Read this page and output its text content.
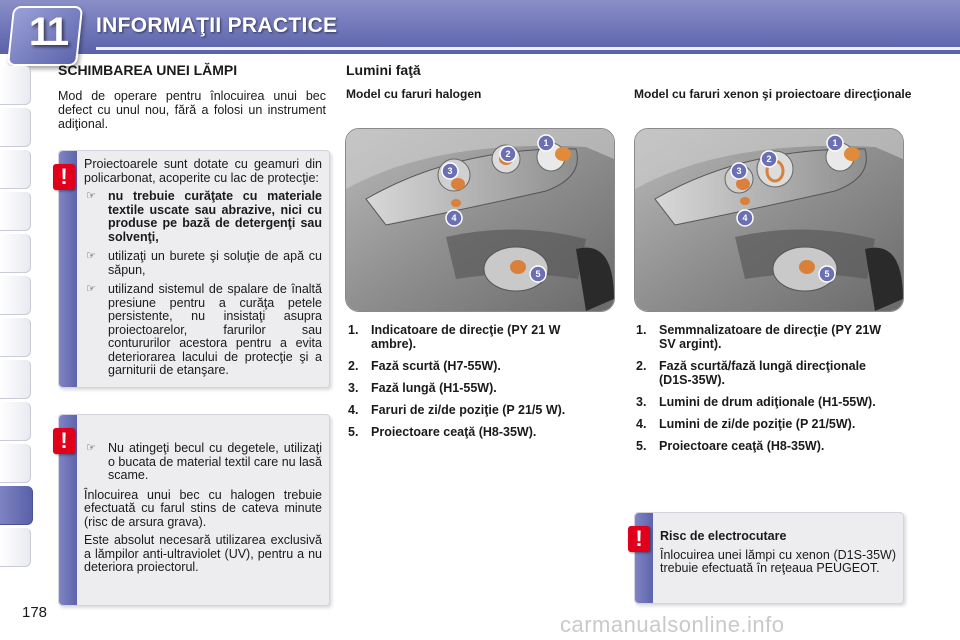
11	INFORMAŢII PRACTICE
178
SCHIMBAREA UNEI LĂMPI
Mod de operare pentru înlocuirea unui bec defect cu unul nou, fără a folosi un instrument adiţional.
!	Proiectoarele sunt dotate cu geamuri din policarbonat, acoperite cu lac de protecţie:

☞ nu trebuie curăţate cu materiale textile uscate sau abrazive, nici cu produse pe bază de detergenţi sau solvenţi,
☞ utilizaţi un burete şi soluţie de apă cu săpun,
☞ utilizand sistemul de spalare de înaltă presiune pentru a curăţa petele persistente, nu insistaţi asupra proiectoarelor, farurilor sau contururilor acestora pentru a evita deteriorarea lacului de protecţie şi a garniturii de etanşare.
!	☞ Nu atingeţi becul cu degetele, utilizaţi o bucata de material textil care nu lasă scame.

Înlocuirea unui bec cu halogen trebuie efectuată cu farul stins de cateva minute (risc de arsura grava).

Este absolut necesară utilizarea exclusivă a lămpilor anti-ultraviolet (UV), pentru a nu deteriora proiectorul.

Lumini faţă
Model cu faruri halogen	Model cu faruri xenon şi proiectoare direcţionale
1
2
3
4
5
1
2
3
4
5
1. Indicatoare de direcţie (PY 21 W ambre).
2. Fază scurtă (H7-55W).
3. Fază lungă (H1-55W).
4. Faruri de zi/de poziţie (P 21/5 W).
5. Proiectoare ceaţă (H8-35W).
1. Semmnalizatoare de direcţie (PY 21W SV argint).
2. Fază scurtă/fază lungă direcţionale (D1S-35W).
3. Lumini de drum adiţionale (H1-55W).
4. Lumini de zi/de poziţie (P 21/5W).
5. Proiectoare ceaţă (H8-35W).
!	Risc de electrocutare

Înlocuirea unei lămpi cu xenon (D1S-35W) trebuie efectuată în reţeaua PEUGEOT.

carmanualsonline.info
